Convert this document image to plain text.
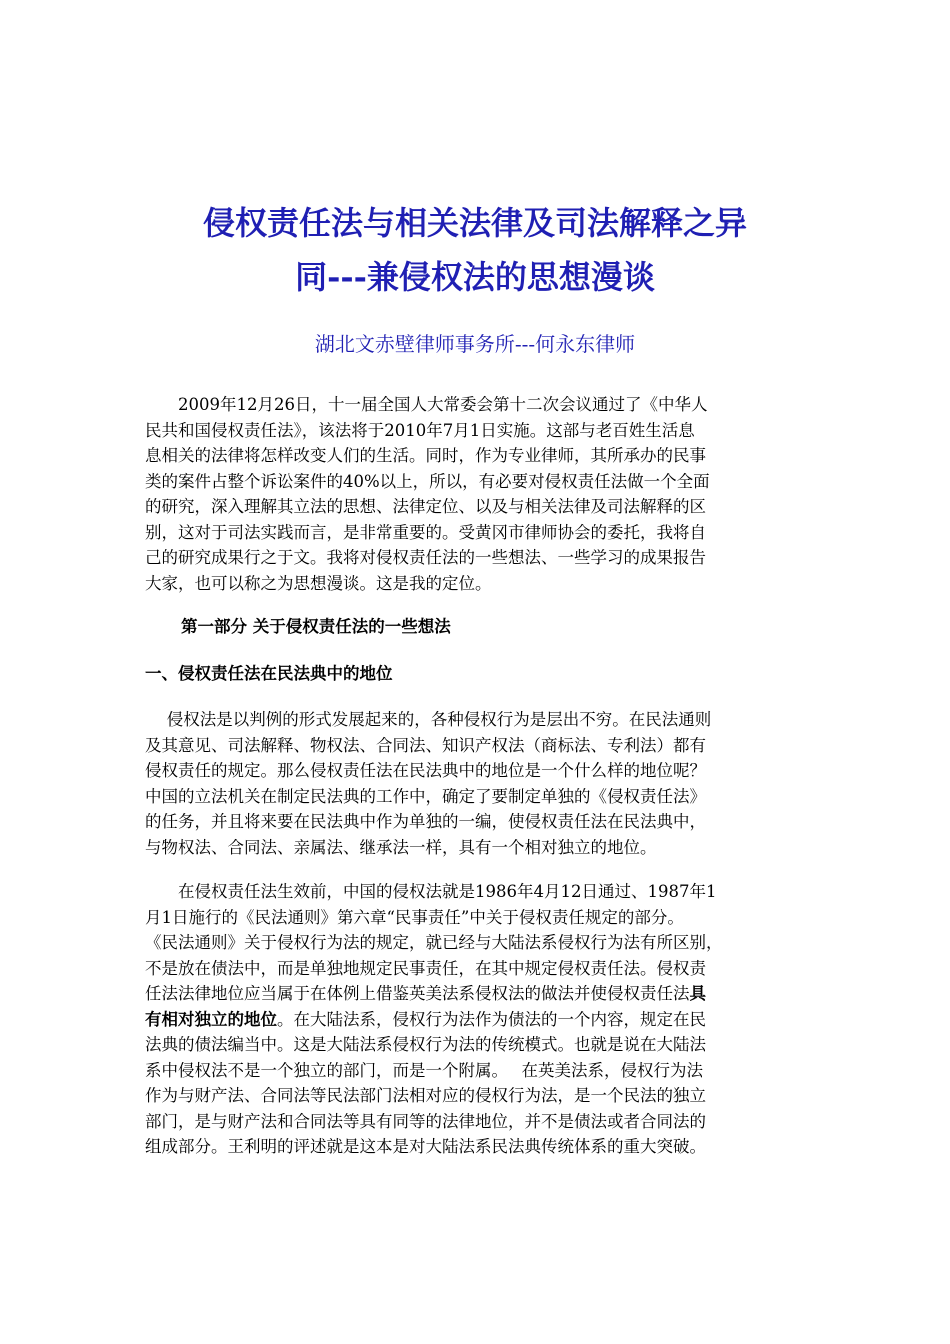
侵权责任法与相关法律及司法解释之异
同---兼侵权法的思想漫谈

湖北文赤壁律师事务所---何永东律师

　　2009年12月26日，十一届全国人大常委会第十二次会议通过了《中华人
民共和国侵权责任法》，该法将于2010年7月1日实施。这部与老百姓生活息
息相关的法律将怎样改变人们的生活。同时，作为专业律师，其所承办的民事
类的案件占整个诉讼案件的40%以上，所以，有必要对侵权责任法做一个全面
的研究，深入理解其立法的思想、法律定位、以及与相关法律及司法解释的区
别，这对于司法实践而言，是非常重要的。受黄冈市律师协会的委托，我将自
己的研究成果行之于文。我将对侵权责任法的一些想法、一些学习的成果报告
大家，也可以称之为思想漫谈。这是我的定位。

第一部分 关于侵权责任法的一些想法

一、侵权责任法在民法典中的地位

　 侵权法是以判例的形式发展起来的，各种侵权行为是层出不穷。在民法通则
及其意见、司法解释、物权法、合同法、知识产权法（商标法、专利法）都有
侵权责任的规定。那么侵权责任法在民法典中的地位是一个什么样的地位呢？
中国的立法机关在制定民法典的工作中，确定了要制定单独的《侵权责任法》
的任务，并且将来要在民法典中作为单独的一编，使侵权责任法在民法典中，
与物权法、合同法、亲属法、继承法一样，具有一个相对独立的地位。
　　在侵权责任法生效前，中国的侵权法就是1986年4月12日通过、1987年1
月1日施行的《民法通则》第六章“民事责任”中关于侵权责任规定的部分。
《民法通则》关于侵权行为法的规定，就已经与大陆法系侵权行为法有所区别，
不是放在债法中，而是单独地规定民事责任，在其中规定侵权责任法。侵权责
任法法律地位应当属于在体例上借鉴英美法系侵权法的做法并使侵权责任法具
有相对独立的地位。在大陆法系，侵权行为法作为债法的一个内容，规定在民
法典的债法编当中。这是大陆法系侵权行为法的传统模式。也就是说在大陆法
系中侵权法不是一个独立的部门，而是一个附属。　 在英美法系，侵权行为法
作为与财产法、合同法等民法部门法相对应的侵权行为法，是一个民法的独立
部门，是与财产法和合同法等具有同等的法律地位，并不是债法或者合同法的
组成部分。王利明的评述就是这本是对大陆法系民法典传统体系的重大突破。
